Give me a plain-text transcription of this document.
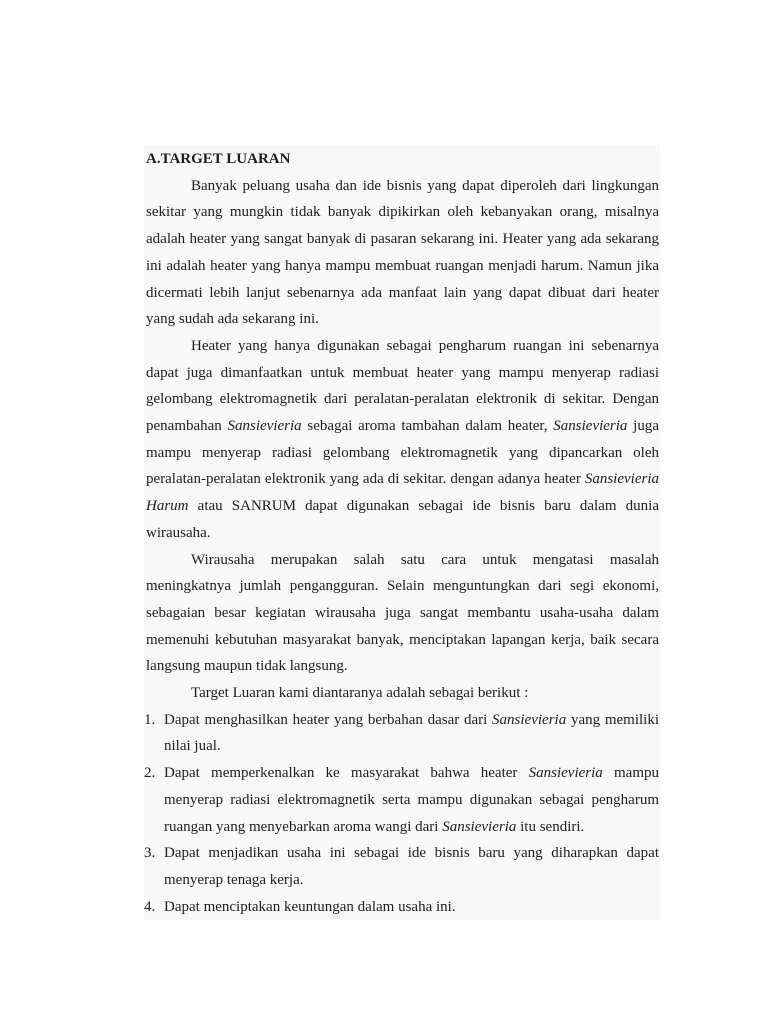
A.TARGET LUARAN

Banyak peluang usaha dan ide bisnis yang dapat diperoleh dari lingkungan sekitar yang mungkin tidak banyak dipikirkan oleh kebanyakan orang, misalnya adalah heater yang sangat banyak di pasaran sekarang ini. Heater yang ada sekarang ini adalah heater yang hanya mampu membuat ruangan menjadi harum. Namun jika dicermati lebih lanjut sebenarnya ada manfaat lain yang dapat dibuat dari heater yang sudah ada sekarang ini.

Heater yang hanya digunakan sebagai pengharum ruangan ini sebenarnya dapat juga dimanfaatkan untuk membuat heater yang mampu menyerap radiasi gelombang elektromagnetik dari peralatan-peralatan elektronik di sekitar. Dengan penambahan Sansievieria sebagai aroma tambahan dalam heater, Sansievieria juga mampu menyerap radiasi gelombang elektromagnetik yang dipancarkan oleh peralatan-peralatan elektronik yang ada di sekitar. dengan adanya heater Sansievieria Harum atau SANRUM dapat digunakan sebagai ide bisnis baru dalam dunia wirausaha.

Wirausaha merupakan salah satu cara untuk mengatasi masalah meningkatnya jumlah pengangguran. Selain menguntungkan dari segi ekonomi, sebagaian besar kegiatan wirausaha juga sangat membantu usaha-usaha dalam memenuhi kebutuhan masyarakat banyak, menciptakan lapangan kerja, baik secara langsung maupun tidak langsung.

Target Luaran kami diantaranya adalah sebagai berikut :

1. Dapat menghasilkan heater yang berbahan dasar dari Sansievieria yang memiliki nilai jual.
2. Dapat memperkenalkan ke masyarakat bahwa heater Sansievieria mampu menyerap radiasi elektromagnetik serta mampu digunakan sebagai pengharum ruangan yang menyebarkan aroma wangi dari Sansievieria itu sendiri.
3. Dapat menjadikan usaha ini sebagai ide bisnis baru yang diharapkan dapat menyerap tenaga kerja.
4. Dapat menciptakan keuntungan dalam usaha ini.
